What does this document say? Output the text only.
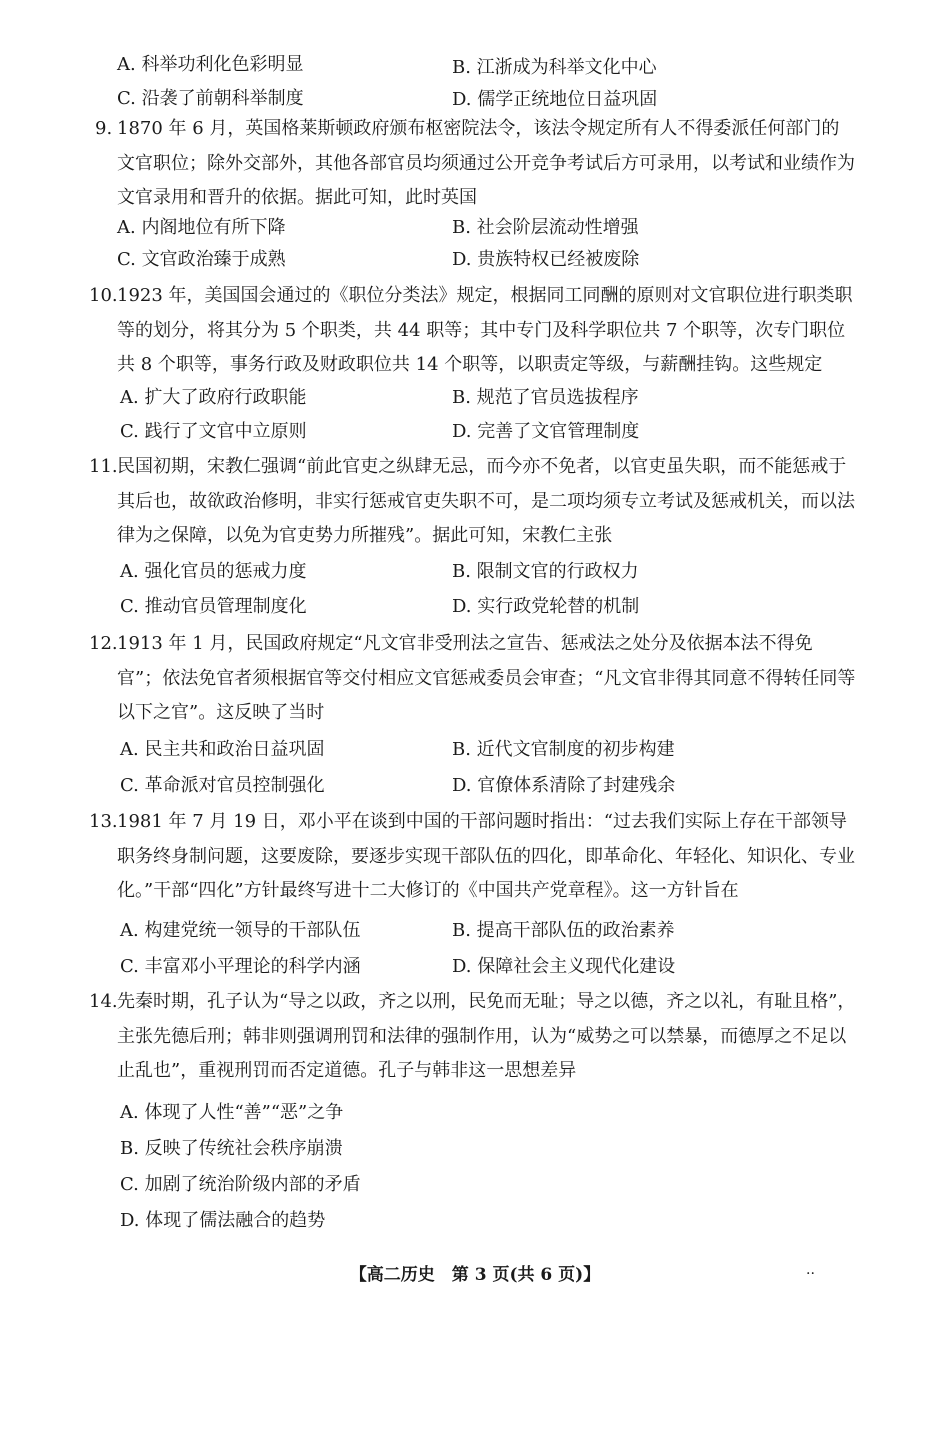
A. 科举功利化色彩明显	B. 江浙成为科举文化中心
C. 沿袭了前朝科举制度	D. 儒学正统地位日益巩固
9. 1870 年 6 月，英国格莱斯顿政府颁布枢密院法令，该法令规定所有人不得委派任何部门的文官职位；除外交部外，其他各部官员均须通过公开竞争考试后方可录用，以考试和业绩作为文官录用和晋升的依据。据此可知，此时英国
A. 内阁地位有所下降	B. 社会阶层流动性增强
C. 文官政治臻于成熟	D. 贵族特权已经被废除
10. 1923 年，美国国会通过的《职位分类法》规定，根据同工同酬的原则对文官职位进行职类职等的划分，将其分为 5 个职类，共 44 职等；其中专门及科学职位共 7 个职等，次专门职位共 8 个职等，事务行政及财政职位共 14 个职等，以职责定等级，与薪酬挂钩。这些规定
A. 扩大了政府行政职能	B. 规范了官员选拔程序
C. 践行了文官中立原则	D. 完善了文官管理制度
11. 民国初期，宋教仁强调“前此官吏之纵肆无忌，而今亦不免者，以官吏虽失职，而不能惩戒于其后也，故欲政治修明，非实行惩戒官吏失职不可，是二项均须专立考试及惩戒机关，而以法律为之保障，以免为官吏势力所摧残”。据此可知，宋教仁主张
A. 强化官员的惩戒力度	B. 限制文官的行政权力
C. 推动官员管理制度化	D. 实行政党轮替的机制
12. 1913 年 1 月，民国政府规定“凡文官非受刑法之宣告、惩戒法之处分及依据本法不得免官”；依法免官者须根据官等交付相应文官惩戒委员会审查；“凡文官非得其同意不得转任同等以下之官”。这反映了当时
A. 民主共和政治日益巩固	B. 近代文官制度的初步构建
C. 革命派对官员控制强化	D. 官僚体系清除了封建残余
13. 1981 年 7 月 19 日，邓小平在谈到中国的干部问题时指出：“过去我们实际上存在干部领导职务终身制问题，这要废除，要逐步实现干部队伍的四化，即革命化、年轻化、知识化、专业化。”干部“四化”方针最终写进十二大修订的《中国共产党章程》。这一方针旨在
A. 构建党统一领导的干部队伍	B. 提高干部队伍的政治素养
C. 丰富邓小平理论的科学内涵	D. 保障社会主义现代化建设
14. 先秦时期，孔子认为“导之以政，齐之以刑，民免而无耻；导之以德，齐之以礼，有耻且格”，主张先德后刑；韩非则强调刑罚和法律的强制作用，认为“威势之可以禁暴，而德厚之不足以止乱也”，重视刑罚而否定道德。孔子与韩非这一思想差异
A. 体现了人性“善”“恶”之争
B. 反映了传统社会秩序崩溃
C. 加剧了统治阶级内部的矛盾
D. 体现了儒法融合的趋势
【高二历史　第 3 页(共 6 页)】	..
